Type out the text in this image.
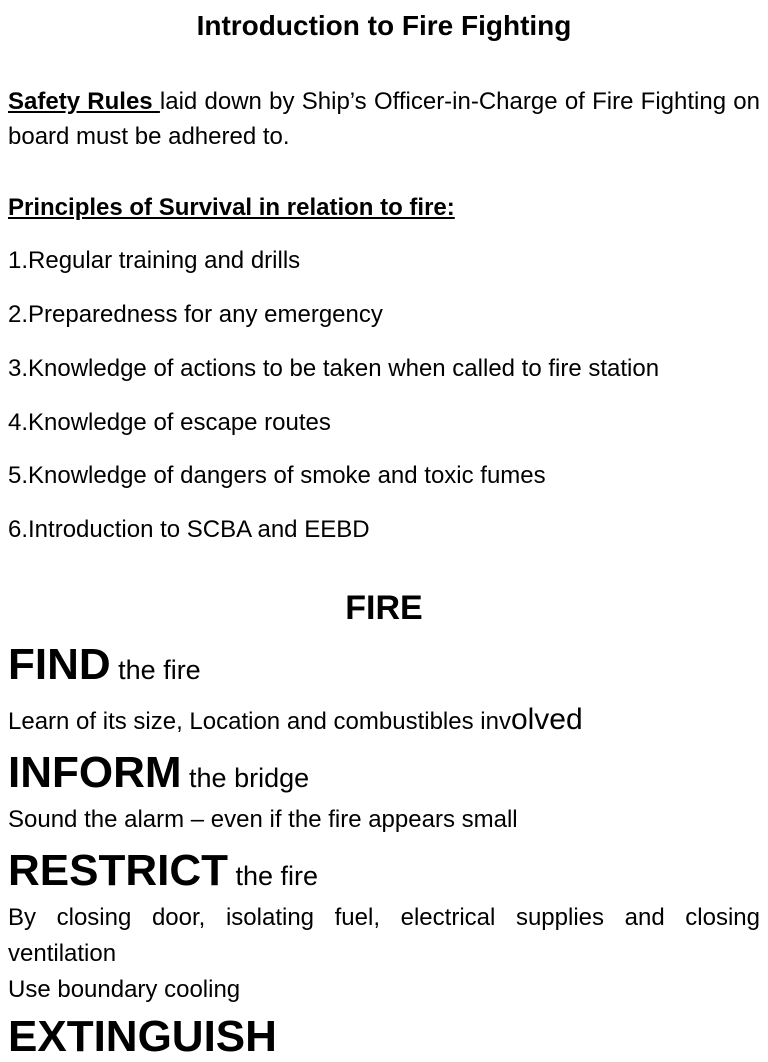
Introduction to Fire Fighting
Safety Rules laid down by Ship’s Officer-in-Charge of Fire Fighting on board must be adhered to.
Principles of Survival in relation to fire:
1.Regular training and drills
2.Preparedness for any emergency
3.Knowledge of actions to be taken when called to fire station
4.Knowledge of escape routes
5.Knowledge of dangers of smoke and toxic fumes
6.Introduction to SCBA and EEBD
FIRE
FIND the fire
Learn of its size, Location and combustibles involved
INFORM the bridge
Sound the alarm – even if the fire appears small
RESTRICT the fire
By closing door, isolating fuel, electrical supplies and closing ventilation
Use boundary cooling
EXTINGUISH
